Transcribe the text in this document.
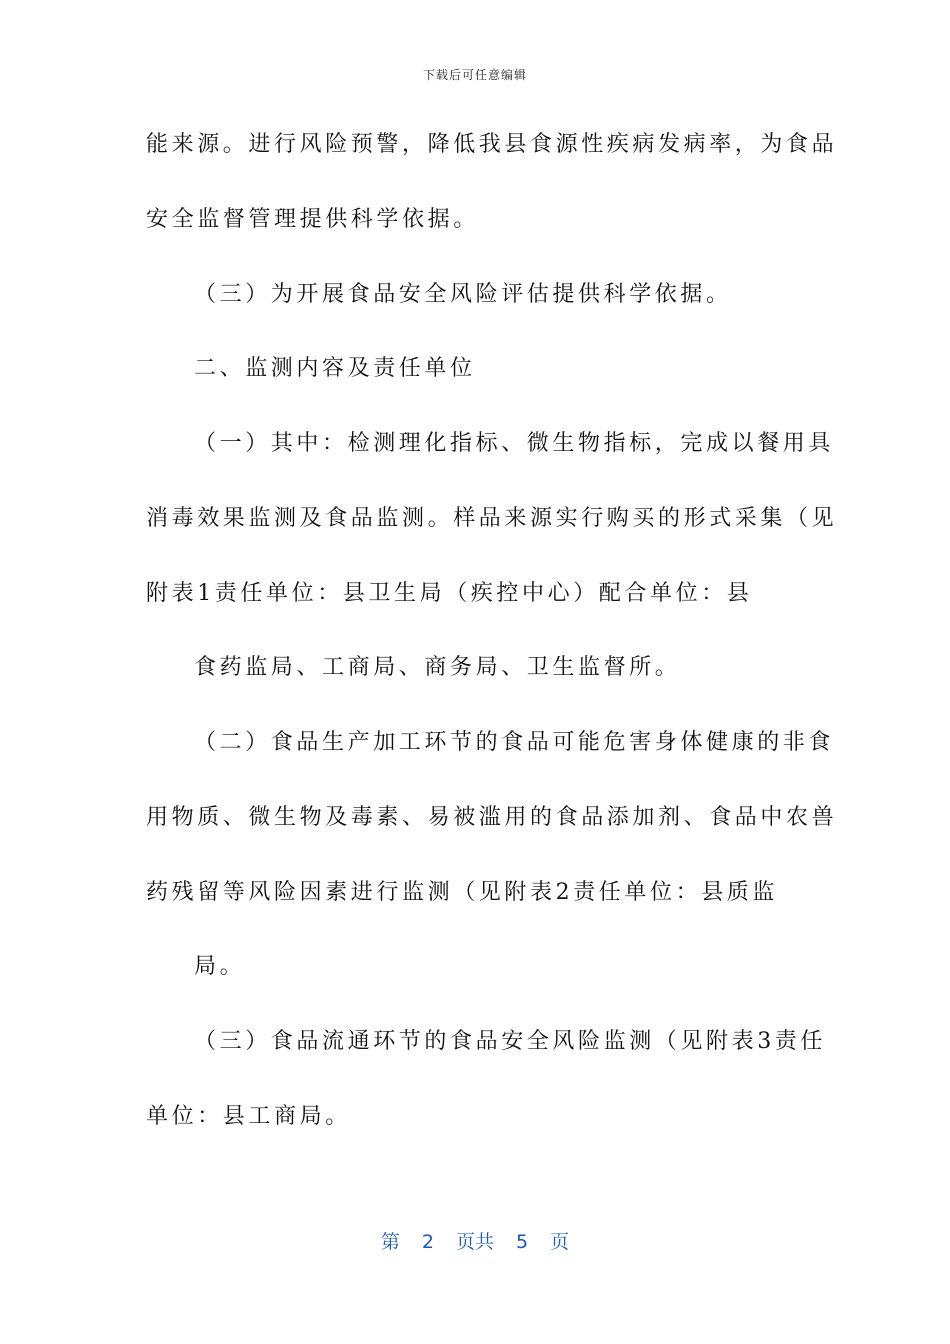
下载后可任意编辑
能来源。进行风险预警，降低我县食源性疾病发病率，为食品
安全监督管理提供科学依据。
（三）为开展食品安全风险评估提供科学依据。
二、监测内容及责任单位
（一）其中：检测理化指标、微生物指标，完成以餐用具
消毒效果监测及食品监测。样品来源实行购买的形式采集（见
附表1责任单位：县卫生局（疾控中心）配合单位：县
食药监局、工商局、商务局、卫生监督所。
（二）食品生产加工环节的食品可能危害身体健康的非食
用物质、微生物及毒素、易被滥用的食品添加剂、食品中农兽
药残留等风险因素进行监测（见附表2责任单位：县质监
局。
（三）食品流通环节的食品安全风险监测（见附表3责任
单位：县工商局。
第 2 页共 5 页
